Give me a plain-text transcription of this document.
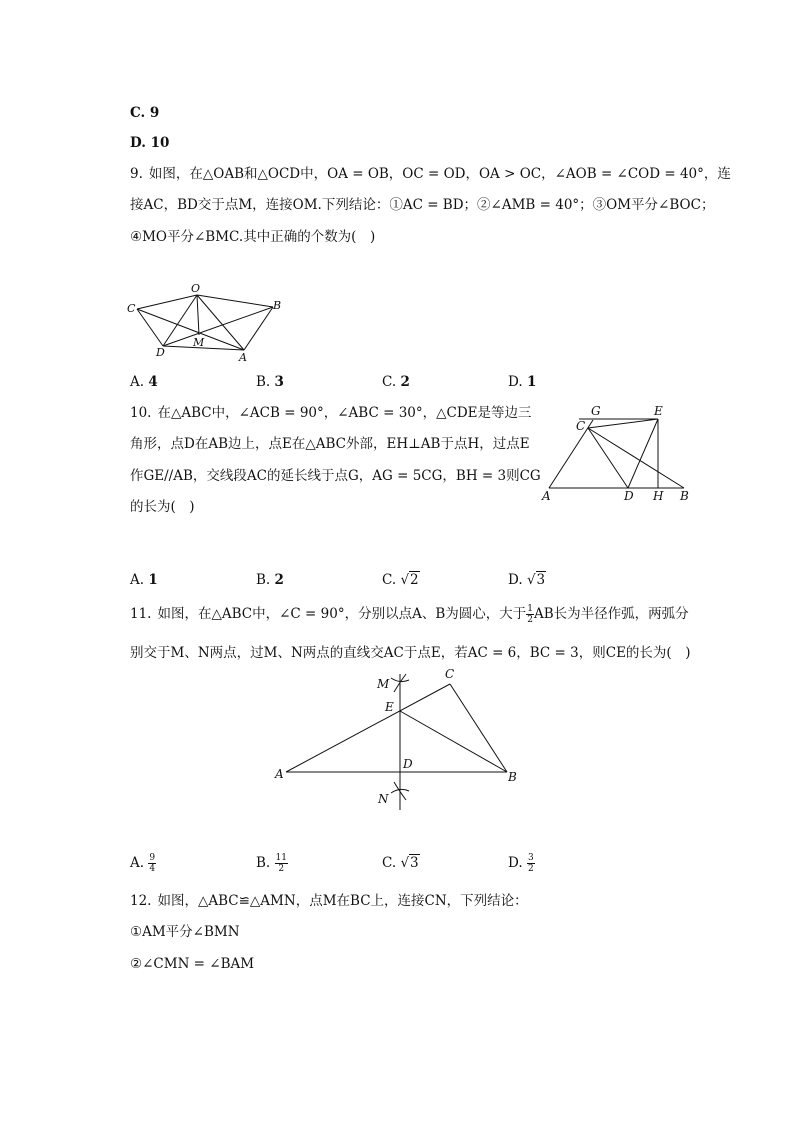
C. 9
D. 10
9. 如图，在△OAB和△OCD中，OA = OB，OC = OD，OA > OC，∠AOB = ∠COD = 40°，连
接AC，BD交于点M，连接OM.下列结论：①AC = BD；②∠AMB = 40°；③OM平分∠BOC；
④MO平分∠BMC.其中正确的个数为(　)
O
B
C
D
M
A
A. 4	B. 3	C. 2	D. 1
10. 在△ABC中，∠ACB = 90°，∠ABC = 30°，△CDE是等边三
角形，点D在AB边上，点E在△ABC外部，EH⊥AB于点H，过点E
作GE//AB，交线段AC的延长线于点G，AG = 5CG，BH = 3则CG
的长为(　)
G	E
C
A	D H B
A. 1	B. 2	C. √2	D. √3
11. 如图，在△ABC中，∠C = 90°，分别以点A、B为圆心，大于 $\frac{1}{2}$ AB长为半径作弧，两弧分
别交于M、N两点，过M、N两点的直线交AC于点E，若AC = 6，BC = 3，则CE的长为(　)
M
C
E
D
A	B
N
A. $\frac{9}{4}$	B. $\frac{11}{2}$	C. √3	D. $\frac{3}{2}$
12. 如图，△ABC≌△AMN，点M在BC上，连接CN，下列结论：
①AM平分∠BMN
②∠CMN = ∠BAM
